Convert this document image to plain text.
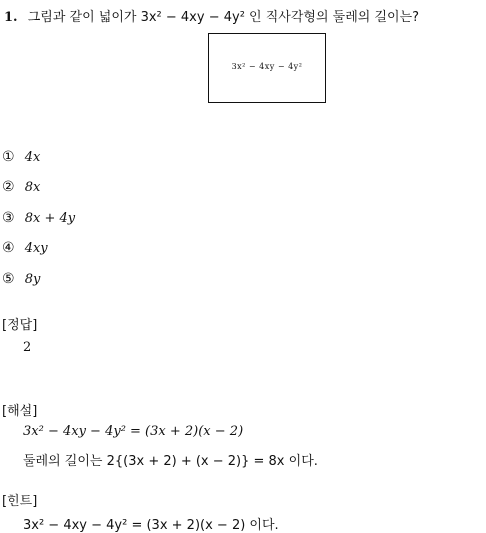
1. 그림과 같이 넓이가 3x² − 4xy − 4y² 인 직사각형의 둘레의 길이는?
3x² − 4xy − 4y²
① 4x
② 8x
③ 8x + 4y
④ 4xy
⑤ 8y
[정답]
2
[해설]
3x² − 4xy − 4y² = (3x + 2)(x − 2)
둘레의 길이는 2{(3x + 2) + (x − 2)} = 8x 이다.
[힌트]
3x² − 4xy − 4y² = (3x + 2)(x − 2) 이다.
